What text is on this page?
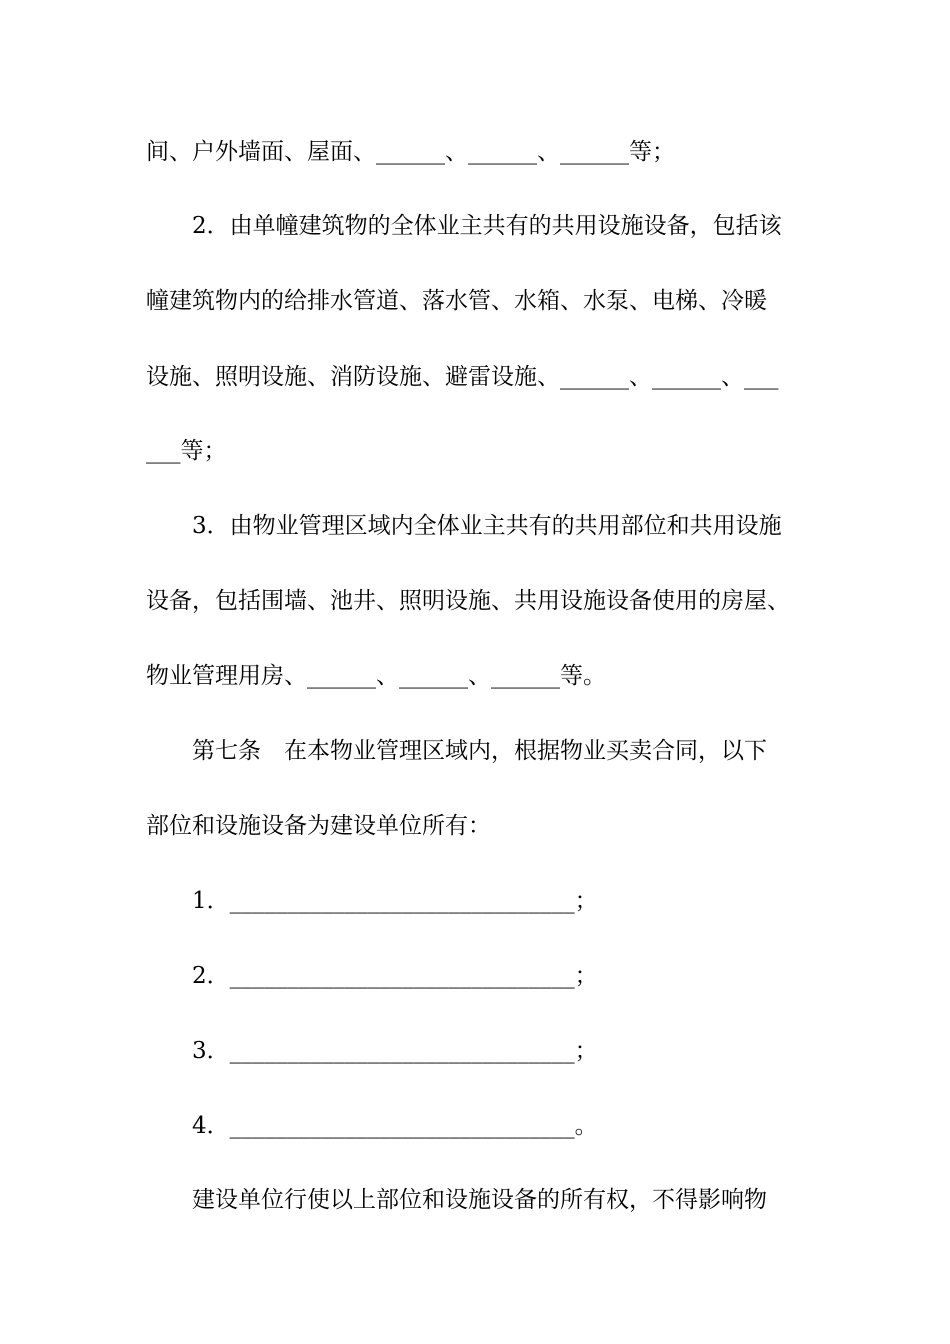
间、户外墙面、屋面、______、______、______等；
2．由单幢建筑物的全体业主共有的共用设施设备，包括该
幢建筑物内的给排水管道、落水管、水箱、水泵、电梯、冷暖
设施、照明设施、消防设施、避雷设施、______、______、___
___等；
3．由物业管理区域内全体业主共有的共用部位和共用设施
设备，包括围墙、池井、照明设施、共用设施设备使用的房屋、
物业管理用房、______、______、______等。
第七条　在本物业管理区域内，根据物业买卖合同，以下
部位和设施设备为建设单位所有：
1．______________________________；
2．______________________________；
3．______________________________；
4．______________________________。
建设单位行使以上部位和设施设备的所有权，不得影响物
